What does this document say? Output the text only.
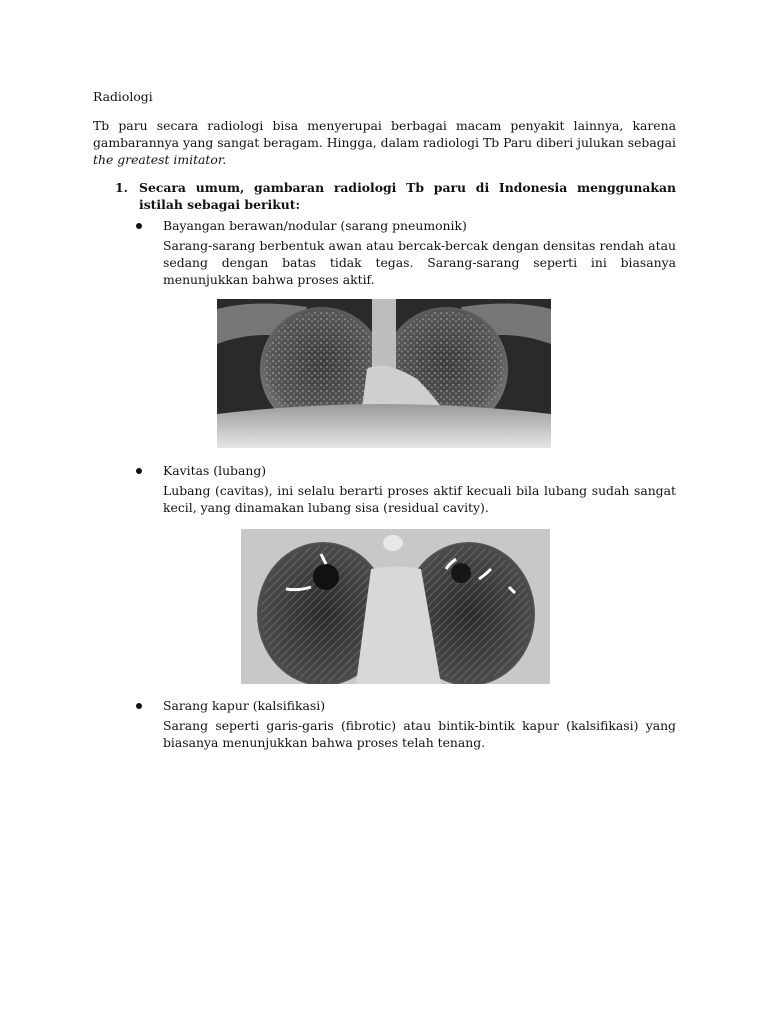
Radiologi
Tb paru secara radiologi bisa menyerupai berbagai macam penyakit lainnya, karena gambarannya yang sangat beragam. Hingga, dalam radiologi Tb Paru diberi julukan sebagai the greatest imitator.
1. Secara umum, gambaran radiologi Tb paru di Indonesia menggunakan istilah sebagai berikut:
Bayangan berawan/nodular (sarang pneumonik)
Sarang-sarang berbentuk awan atau bercak-bercak dengan densitas rendah atau sedang dengan batas tidak tegas. Sarang-sarang seperti ini biasanya menunjukkan bahwa proses aktif.
Kavitas (lubang)
Lubang (cavitas), ini selalu berarti proses aktif kecuali bila lubang sudah sangat kecil, yang dinamakan lubang sisa (residual cavity).
Sarang kapur (kalsifikasi)
Sarang seperti garis-garis (fibrotic) atau bintik-bintik kapur (kalsifikasi) yang biasanya menunjukkan bahwa proses telah tenang.
